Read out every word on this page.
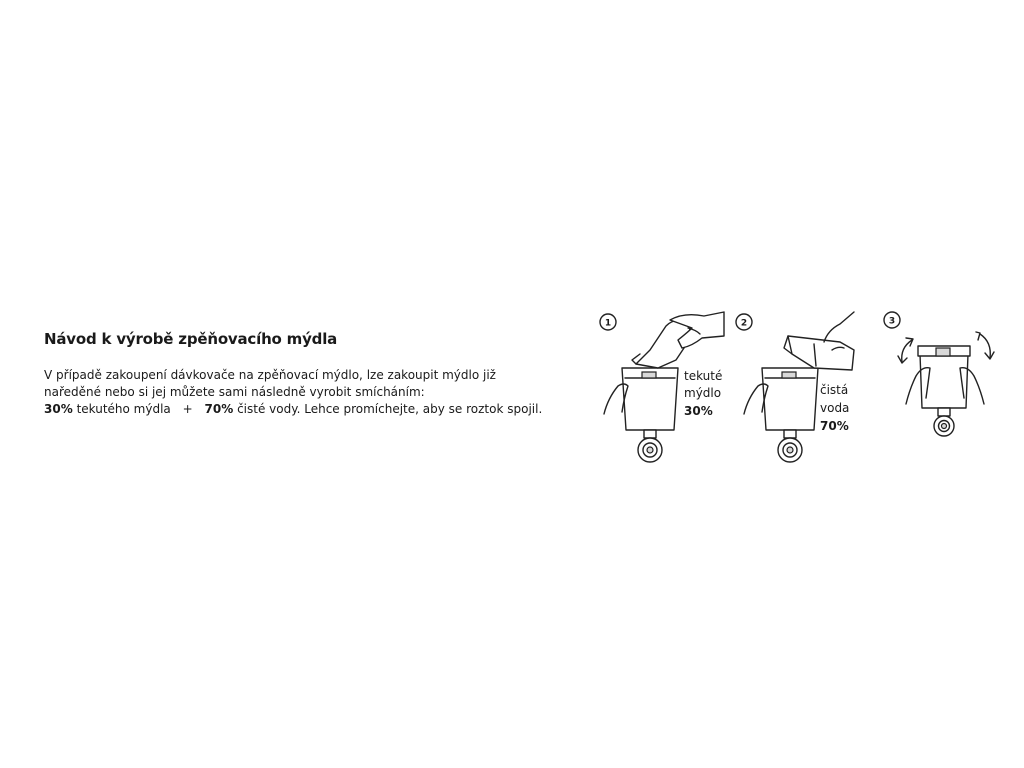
Návod k výrobě zpěňovacího mýdla
V případě zakoupení dávkovače na zpěňovací mýdlo, lze zakoupit mýdlo již
naředěné nebo si jej můžete sami následně vyrobit smícháním:
30% tekutého mýdla + 70% čisté vody. Lehce promíchejte, aby se roztok spojil.
1
tekuté
mýdlo
30%
2
čistá
voda
70%
3
